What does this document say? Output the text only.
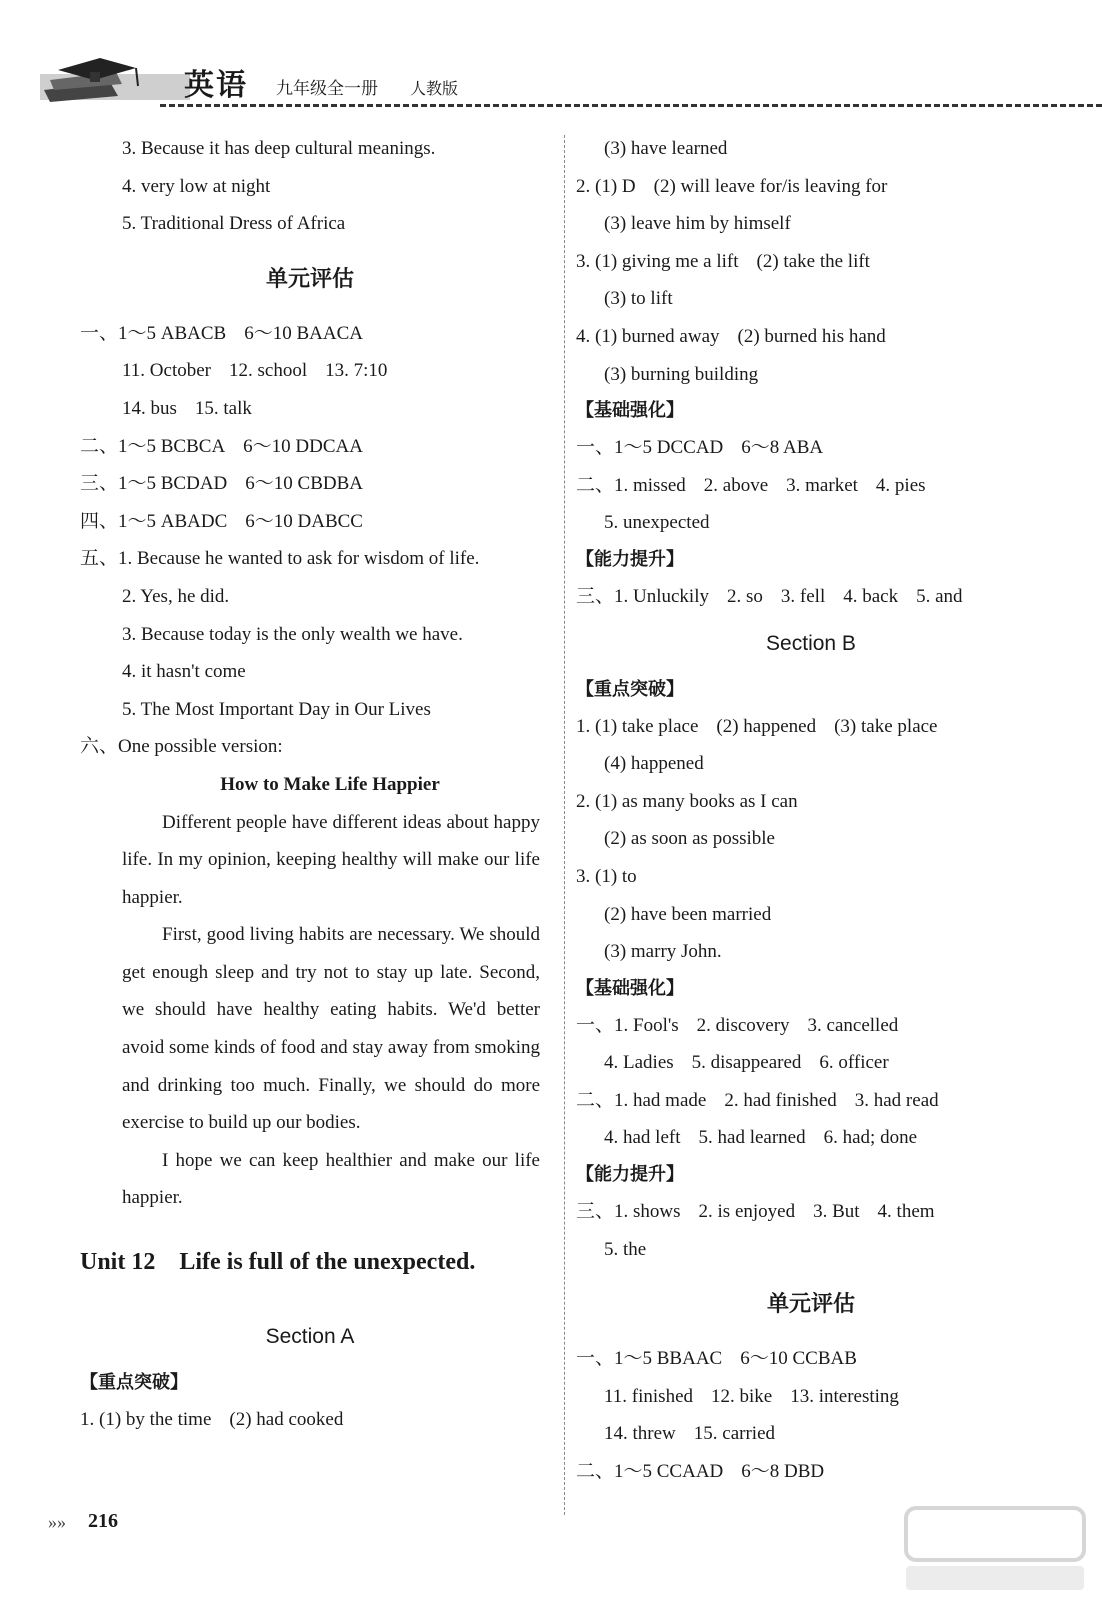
英语 九年级全一册 人教版
3. Because it has deep cultural meanings.
4. very low at night
5. Traditional Dress of Africa
单元评估
一、1～5 ABACB 6～10 BAACA
11. October 12. school 13. 7:10
14. bus 15. talk
二、1～5 BCBCA 6～10 DDCAA
三、1～5 BCDAD 6～10 CBDBA
四、1～5 ABADC 6～10 DABCC
五、1. Because he wanted to ask for wisdom of life.
2. Yes, he did.
3. Because today is the only wealth we have.
4. it hasn't come
5. The Most Important Day in Our Lives
六、One possible version:
How to Make Life Happier
Different people have different ideas about happy life. In my opinion, keeping healthy will make our life happier.
First, good living habits are necessary. We should get enough sleep and try not to stay up late. Second, we should have healthy eating habits. We'd better avoid some kinds of food and stay away from smoking and drinking too much. Finally, we should do more exercise to build up our bodies.
I hope we can keep healthier and make our life happier.
Unit 12    Life is full of the unexpected.
Section A
【重点突破】
1. (1) by the time (2) had cooked
(3) have learned
2. (1) D (2) will leave for/is leaving for
(3) leave him by himself
3. (1) giving me a lift (2) take the lift
(3) to lift
4. (1) burned away (2) burned his hand
(3) burning building
【基础强化】
一、1～5 DCCAD 6～8 ABA
二、1. missed 2. above 3. market 4. pies
5. unexpected
【能力提升】
三、1. Unluckily 2. so 3. fell 4. back 5. and
Section B
【重点突破】
1. (1) take place (2) happened (3) take place
(4) happened
2. (1) as many books as I can
(2) as soon as possible
3. (1) to
(2) have been married
(3) marry John.
【基础强化】
一、1. Fool's 2. discovery 3. cancelled
4. Ladies 5. disappeared 6. officer
二、1. had made 2. had finished 3. had read
4. had left 5. had learned 6. had; done
【能力提升】
三、1. shows 2. is enjoyed 3. But 4. them
5. the
单元评估
一、1～5 BBAAC 6～10 CCBAB
11. finished 12. bike 13. interesting
14. threw 15. carried
二、1～5 CCAAD 6～8 DBD
»» 216
